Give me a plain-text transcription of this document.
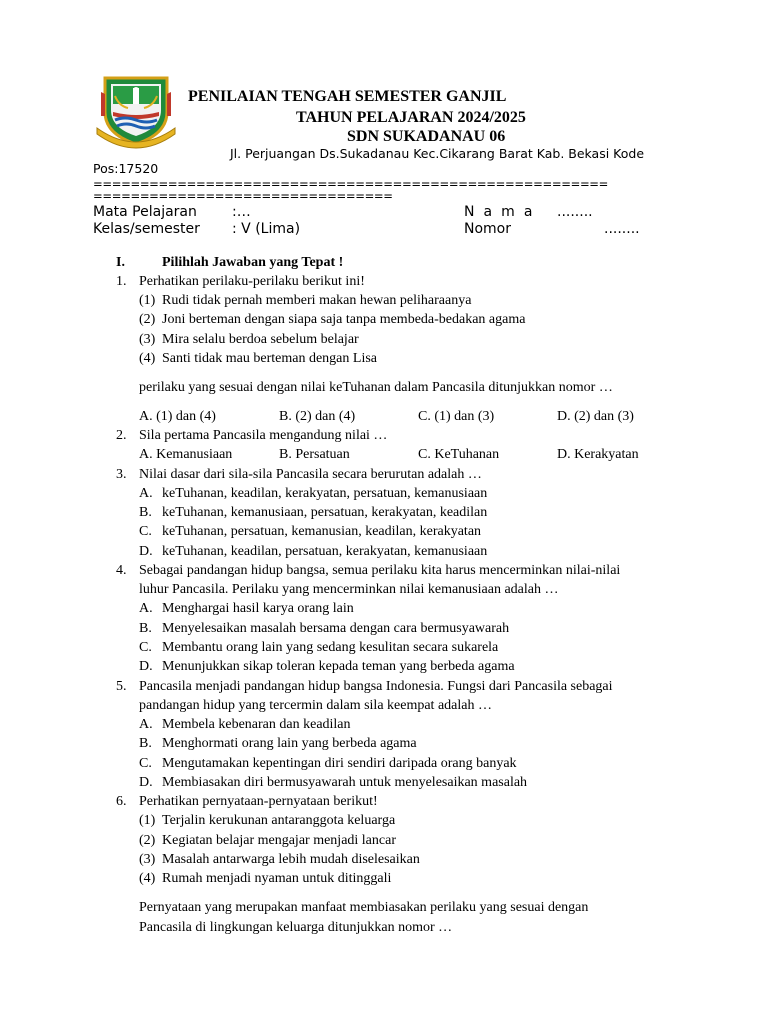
PENILAIAN TENGAH SEMESTER GANJIL
TAHUN PELAJARAN 2024/2025
SDN SUKADANAU 06
Jl. Perjuangan Ds.Sukadanau Kec.Cikarang Barat Kab. Bekasi Kode
Pos:17520
=======================================================
================================
Mata Pelajaran	:…	N a m a ........
Kelas/semester : V (Lima)	Nomor	........
I.	Pilihlah Jawaban yang Tepat !
1. Perhatikan perilaku-perilaku berikut ini!
(1) Rudi tidak pernah memberi makan hewan peliharaanya
(2) Joni berteman dengan siapa saja tanpa membeda-bedakan agama
(3) Mira selalu berdoa sebelum belajar
(4) Santi tidak mau berteman dengan Lisa
perilaku yang sesuai dengan nilai keTuhanan dalam Pancasila ditunjukkan nomor …
A. (1) dan (4)	B. (2) dan (4)	C. (1) dan (3)	D. (2) dan (3)
2. Sila pertama Pancasila mengandung nilai …
A. Kemanusiaan	B. Persatuan	C. KeTuhanan	D. Kerakyatan
3. Nilai dasar dari sila-sila Pancasila secara berurutan adalah …
A. keTuhanan, keadilan, kerakyatan, persatuan, kemanusiaan
B. keTuhanan, kemanusiaan, persatuan, kerakyatan, keadilan
C. keTuhanan, persatuan, kemanusian, keadilan, kerakyatan
D. keTuhanan, keadilan, persatuan, kerakyatan, kemanusiaan
4. Sebagai pandangan hidup bangsa, semua perilaku kita harus mencerminkan nilai-nilai
luhur Pancasila. Perilaku yang mencerminkan nilai kemanusiaan adalah …
A. Menghargai hasil karya orang lain
B. Menyelesaikan masalah bersama dengan cara bermusyawarah
C. Membantu orang lain yang sedang kesulitan secara sukarela
D. Menunjukkan sikap toleran kepada teman yang berbeda agama
5. Pancasila menjadi pandangan hidup bangsa Indonesia. Fungsi dari Pancasila sebagai
pandangan hidup yang tercermin dalam sila keempat adalah …
A. Membela kebenaran dan keadilan
B. Menghormati orang lain yang berbeda agama
C. Mengutamakan kepentingan diri sendiri daripada orang banyak
D. Membiasakan diri bermusyawarah untuk menyelesaikan masalah
6. Perhatikan pernyataan-pernyataan berikut!
(1) Terjalin kerukunan antaranggota keluarga
(2) Kegiatan belajar mengajar menjadi lancar
(3) Masalah antarwarga lebih mudah diselesaikan
(4) Rumah menjadi nyaman untuk ditinggali
Pernyataan yang merupakan manfaat membiasakan perilaku yang sesuai dengan
Pancasila di lingkungan keluarga ditunjukkan nomor …
